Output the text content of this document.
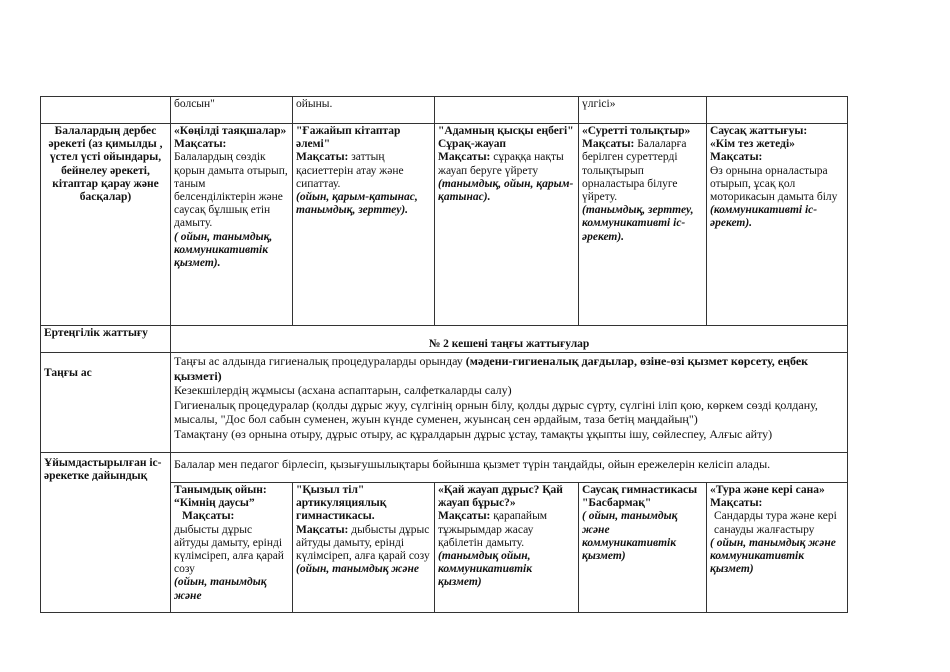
	болсын"	ойыны.		үлгісі»	
Балалардың дербес әрекеті (аз қимылды , үстел үсті ойындары, бейнелеу әрекеті, кітаптар қарау және басқалар)	«Көңілді таяқшалар»
Мақсаты:
Балалардың сөздік қорын дамыта отырып, таным белсенділіктерін және саусақ бұлшық етін дамыту.
( ойын, танымдық, коммуникативтік қызмет).	"Ғажайып кітаптар әлемі"
Мақсаты: заттың қасиеттерін атау және сипаттау.
(ойын, қарым-қатынас, танымдық, зерттеу).	"Адамның қысқы еңбегі"
Сұрақ-жауап
Мақсаты: сұраққа нақты жауап беруге үйрету
(танымдық, ойын, қарым-қатынас).	«Суретті толықтыр»
Мақсаты: Балаларға берілген суреттерді толықтырып орналастыра білуге үйрету.
(танымдық, зерттеу, коммуникативті іс-әрекет).	Саусақ жаттығуы:
«Кім тез жетеді»
Мақсаты:
Өз орнына орналастыра отырып, ұсақ қол моторикасын дамыта білу
(коммуникативті іс-әрекет).

Ертеңгілік жаттығу	№ 2 кешені таңғы жаттығулар				
Таңғы ас	Таңғы ас алдында гигиеналық процедураларды орындау (мәдени-гигиеналық дағдылар, өзіне-өзі қызмет көрсету, еңбек қызметі)
Кезекшілердің жұмысы (асхана аспаптарын, салфеткаларды салу)
Гигиеналық процедуралар (қолды дұрыс жуу, сүлгінің орнын білу, қолды дұрыс сүрту, сүлгіні іліп қою, көркем сөзді қолдану, мысалы, "Дос бол сабын суменен, жуын күнде суменен, жуынсаң сен әрдайым, таза бетің маңдайың")
Тамақтану (өз орнына отыру, дұрыс отыру, ас құралдарын дұрыс ұстау, тамақты ұқыпты ішу, сөйлеспеу, Алғыс айту)				

Ұйымдастырылған іс-әрекетке дайындық	Балалар мен педагог бірлесіп, қызығушылықтары бойынша қызмет түрін таңдайды, ойын ережелерін келісіп алады.				

	Танымдық ойын:
“Кімнің даусы”
Мақсаты:
дыбысты дұрыс айтуды дамыту, еріндi күлімсіреп, алға қарай созу
(ойын, танымдық және	"Қызыл тіл" артикуляциялық гимнастикасы.
Мақсаты: дыбысты дұрыс айтуды дамыту, еріндi күлімсіреп, алға қарай созу
(ойын, танымдық және	«Қай жауап дұрыс? Қай жауап бұрыс?»
Мақсаты: қарапайым тұжырымдар жасау қабілетін дамыту.
(танымдық ойын, коммуникативтік қызмет)	Саусақ гимнастикасы "Басбармақ"
( ойын, танымдық және коммуникативтік қызмет)	«Тура және кері сана»
Мақсаты:
Сандарды тура және кері санауды жалғастыру
( ойын, танымдық және коммуникативтік қызмет)
